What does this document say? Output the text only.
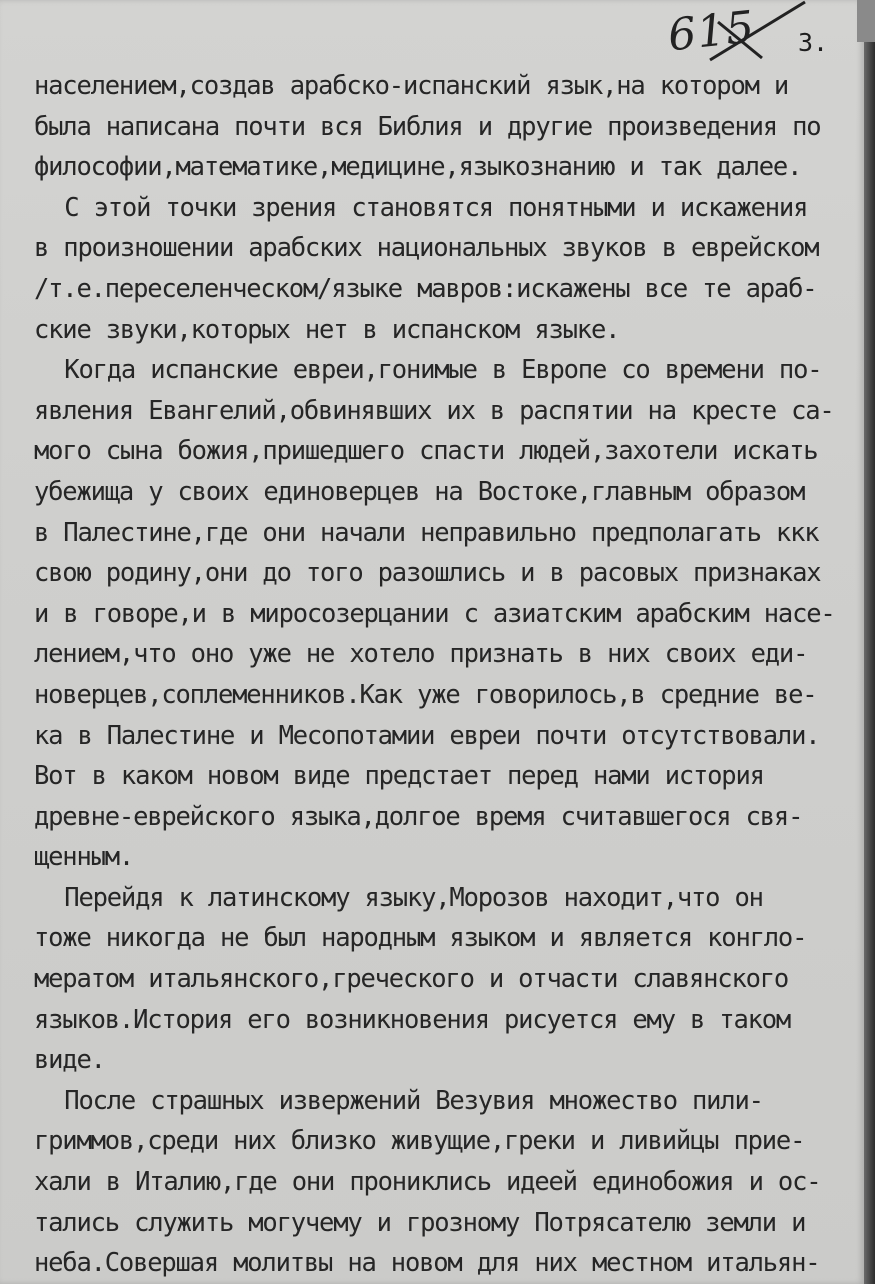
615 3.
населением,создав арабско-испанский язык,на котором и
была написана почти вся Библия и другие произведения по
философии,математике,медицине,языкознанию и так далее.
С этой точки зрения становятся понятными и искажения
в произношении арабских национальных звуков в еврейском
/т.е.переселенческом/языке мавров:искажены все те араб-
ские звуки,которых нет в испанском языке.
Когда испанские евреи,гонимые в Европе со времени по-
явления Евангелий,обвинявших их в распятии на кресте са-
мого сына божия,пришедшего спасти людей,захотели искать
убежища у своих единоверцев на Востоке,главным образом
в Палестине,где они начали неправильно предполагать ккк
свою родину,они до того разошлись и в расовых признаках
и в говоре,и в миросозерцании с азиатским арабским насе-
лением,что оно уже не хотело признать в них своих еди-
новерцев,соплеменников.Как уже говорилось,в средние ве-
ка в Палестине и Месопотамии евреи почти отсутствовали.
Вот в каком новом виде предстает перед нами история
древне-еврейского языка,долгое время считавшегося свя-
щенным.
Перейдя к латинскому языку,Морозов находит,что он
тоже никогда не был народным языком и является конгло-
мератом итальянского,греческого и отчасти славянского
языков.История его возникновения рисуется ему в таком
виде.
После страшных извержений Везувия множество пили-
гриммов,среди них близко живущие,греки и ливийцы прие-
хали в Италию,где они прониклись идеей единобожия и ос-
тались служить могучему и грозному Потрясателю земли и
неба.Совершая молитвы на новом для них местном итальян-
